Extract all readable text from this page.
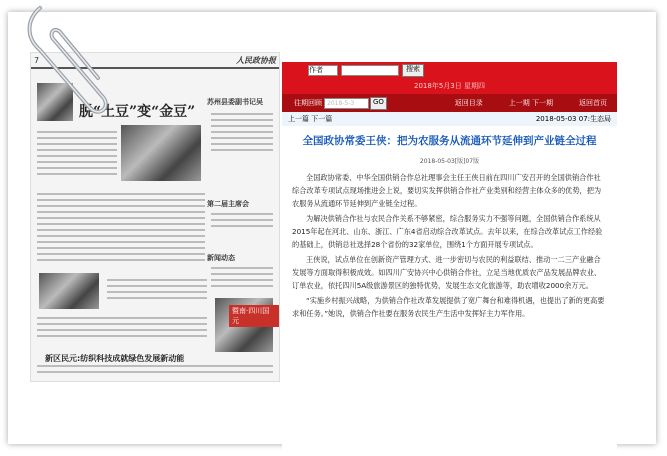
7	人民政协报
脱“土豆”变“金豆”
苏州县委副书记吴
第二届主席会
新闻动态
暨南·四川国元
新区民元:纺织科技成就绿色发展新动能
作者	搜索
2018年5月3日 星期四
往期回顾 2018-5-3	GO	返回目录	上一期 下一期	返回首页
上一篇 下一篇	2018-05-03 07:生态局
全国政协常委王侠：把为农服务从流通环节延伸到产业链全过程
2018-05-03[版]07版

全国政协常委、中华全国供销合作总社理事会主任王侠日前在四川广安召开的全国供销合作社综合改革专项试点现场推进会上说，要切实发挥供销合作社产业类别和经营主体众多的优势，把为农服务从流通环节延伸到产业链全过程。

为解决供销合作社与农民合作关系不够紧密，综合服务实力不强等问题，全国供销合作系统从2015年起在河北、山东、浙江、广东4省启动综合改革试点。去年以来，在综合改革试点工作经验的基础上，供销总社选择28个省份的32家单位，围绕1个方面开展专项试点。

王侠说，试点单位在创新资产管理方式、进一步密切与农民的利益联结、推动一二三产业融合发展等方面取得积极成效。如四川广安协兴中心供销合作社，立足当地优质农产品发展品牌农业、订单农业，依托四川5A级旅游景区的独特优势，发展生态文化旅游等，助农增收2000余万元。

“实施乡村振兴战略，为供销合作社改革发展提供了宽广舞台和难得机遇，也提出了新的更高要求和任务。”她说，供销合作社要在服务农民生产生活中发挥好主力军作用。
